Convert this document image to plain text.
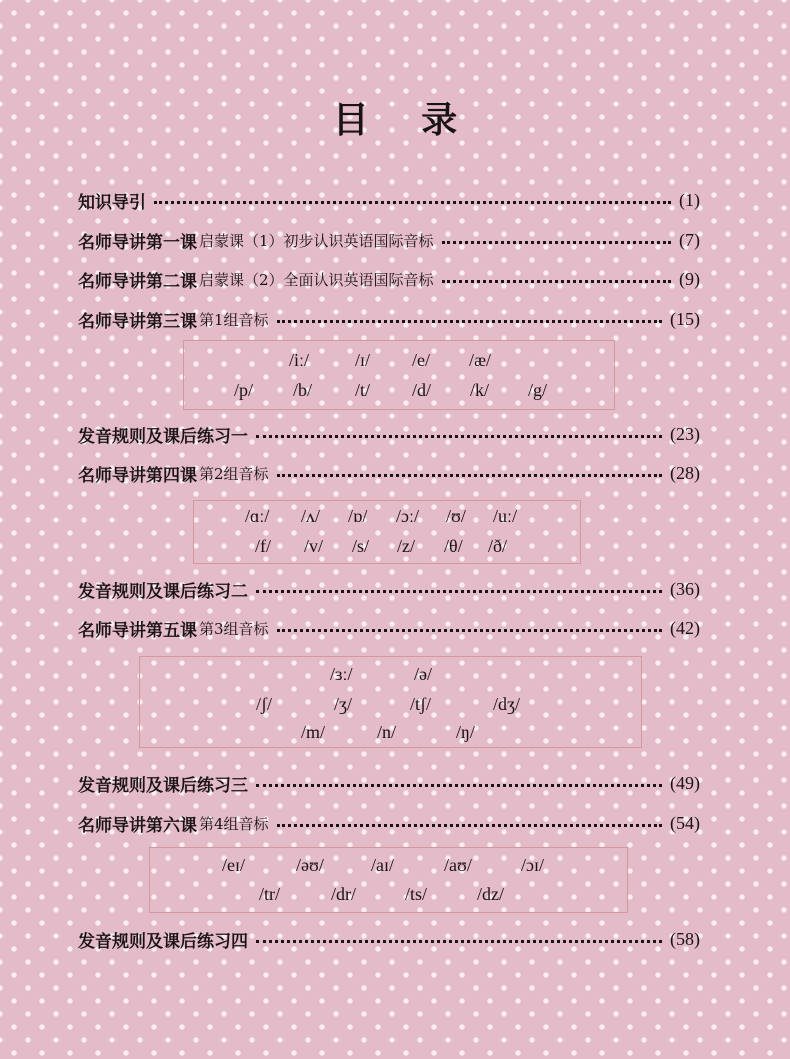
目 录
知识导引	(1)
名师导讲第一课 启蒙课（1）初步认识英语国际音标	(7)
名师导讲第二课 启蒙课（2）全面认识英语国际音标	(9)
名师导讲第三课 第1组音标	(15)
/iː/	/ɪ/ /e/ /æ/
/p/ /b/ /t/ /d/ /k/ /g/
发音规则及课后练习一	(23)
名师导讲第四课 第2组音标	(28)
/ɑː/ /ʌ/ /ɒ/ /ɔː/ /ʊ/ /uː/
/f/ /v/ /s/ /z/ /θ/ /ð/
发音规则及课后练习二	(36)
名师导讲第五课 第3组音标	(42)
/ɜː/	/ə/
/ʃ/	/ʒ/	/tʃ/	/dʒ/
/m/	/n/	/ŋ/
发音规则及课后练习三	(49)
名师导讲第六课 第4组音标	(54)
/eɪ/	/əʊ/	/aɪ/	/aʊ/	/ɔɪ/
/tr/	/dr/	/ts/	/dz/
发音规则及课后练习四	(58)
